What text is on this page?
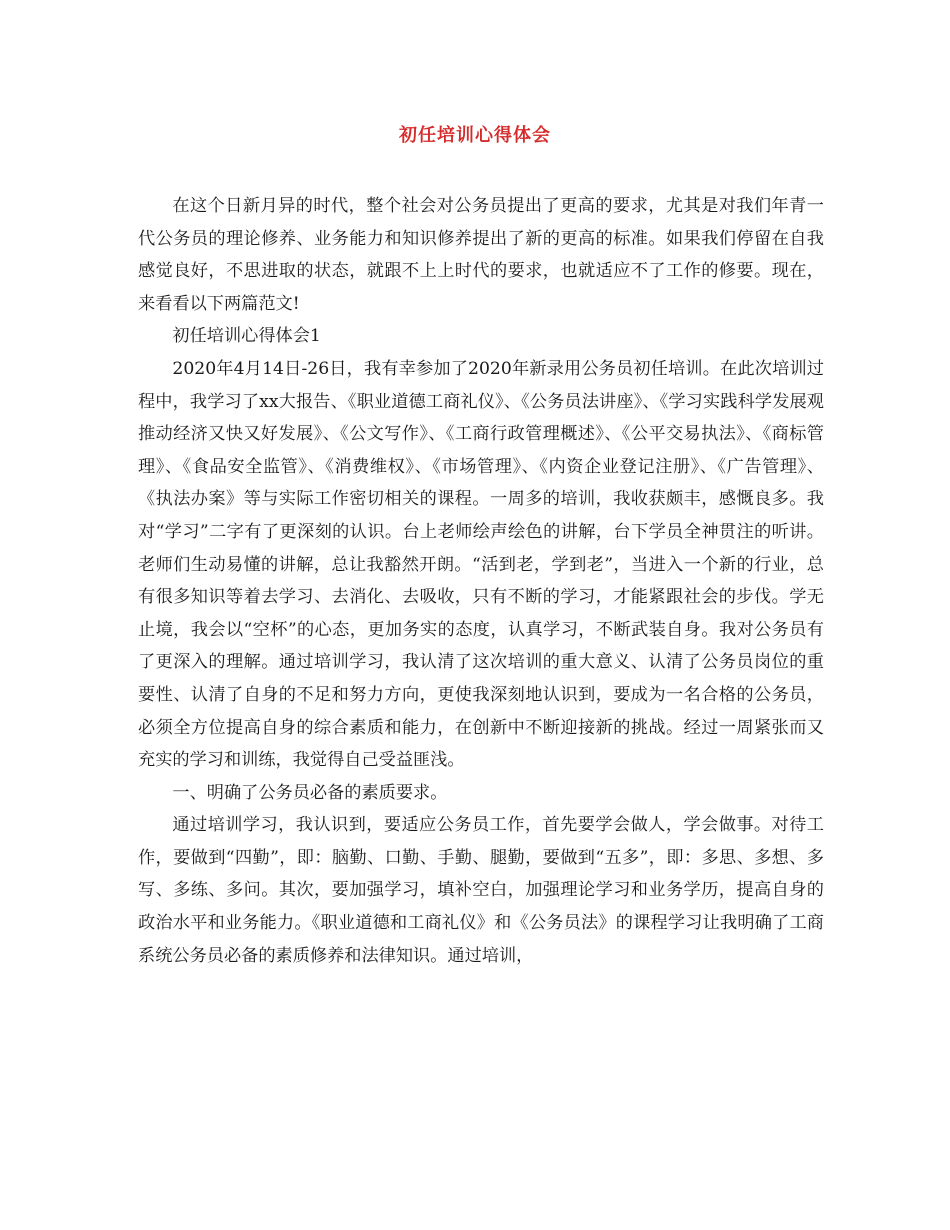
初任培训心得体会

在这个日新月异的时代，整个社会对公务员提出了更高的要求，尤其是对我们年青一代公务员的理论修养、业务能力和知识修养提出了新的更高的标准。如果我们停留在自我感觉良好，不思进取的状态，就跟不上上时代的要求，也就适应不了工作的修要。现在，来看看以下两篇范文!

初任培训心得体会1

2020年4月14日-26日，我有幸参加了2020年新录用公务员初任培训。在此次培训过程中，我学习了xx大报告、《职业道德工商礼仪》、《公务员法讲座》、《学习实践科学发展观推动经济又快又好发展》、《公文写作》、《工商行政管理概述》、《公平交易执法》、《商标管理》、《食品安全监管》、《消费维权》、《市场管理》、《内资企业登记注册》、《广告管理》、《执法办案》等与实际工作密切相关的课程。一周多的培训，我收获颇丰，感慨良多。我对“学习”二字有了更深刻的认识。台上老师绘声绘色的讲解，台下学员全神贯注的听讲。老师们生动易懂的讲解，总让我豁然开朗。“活到老，学到老”，当进入一个新的行业，总有很多知识等着去学习、去消化、去吸收，只有不断的学习，才能紧跟社会的步伐。学无止境，我会以“空杯”的心态，更加务实的态度，认真学习，不断武装自身。我对公务员有了更深入的理解。通过培训学习，我认清了这次培训的重大意义、认清了公务员岗位的重要性、认清了自身的不足和努力方向，更使我深刻地认识到，要成为一名合格的公务员，必须全方位提高自身的综合素质和能力，在创新中不断迎接新的挑战。经过一周紧张而又充实的学习和训练，我觉得自己受益匪浅。

一、明确了公务员必备的素质要求。

通过培训学习，我认识到，要适应公务员工作，首先要学会做人，学会做事。对待工作，要做到“四勤”，即：脑勤、口勤、手勤、腿勤，要做到“五多”，即：多思、多想、多写、多练、多问。其次，要加强学习，填补空白，加强理论学习和业务学历，提高自身的政治水平和业务能力。《职业道德和工商礼仪》和《公务员法》的课程学习让我明确了工商系统公务员必备的素质修养和法律知识。通过培训，
